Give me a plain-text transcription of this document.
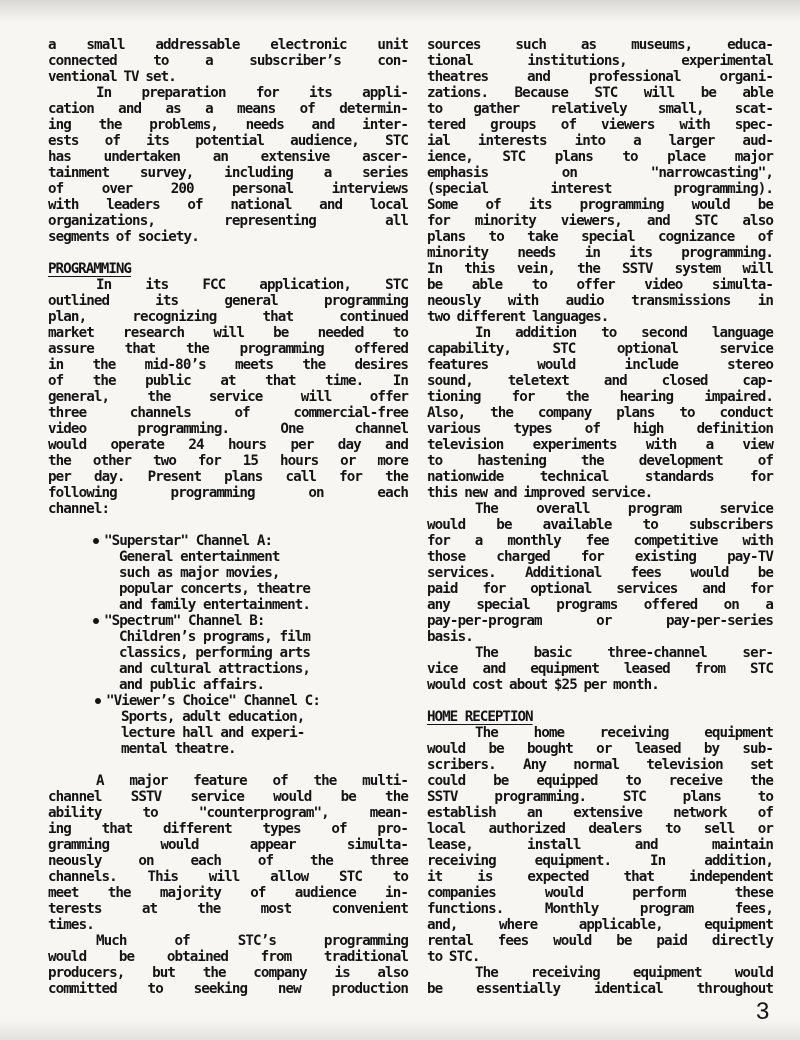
a small addressable electronic unit
connected to a subscriber’s con-
ventional TV set.
In preparation for its appli-
cation and as a means of determin-
ing the problems, needs and inter-
ests of its potential audience, STC
has undertaken an extensive ascer-
tainment survey, including a series
of over 200 personal interviews
with leaders of national and local
organizations, representing all
segments of society.
PROGRAMMING
In its FCC application, STC
outlined its general programming
plan, recognizing that continued
market research will be needed to
assure that the programming offered
in the mid-80’s meets the desires
of the public at that time. In
general, the service will offer
three channels of commercial-free
video programming. One channel
would operate 24 hours per day and
the other two for 15 hours or more
per day. Present plans call for the
following programming on each
channel:
"Superstar" Channel A:
General entertainment
such as major movies,
popular concerts, theatre
and family entertainment.
"Spectrum" Channel B:
Children’s programs, film
classics, performing arts
and cultural attractions,
and public affairs.
"Viewer’s Choice" Channel C:
Sports, adult education,
lecture hall and experi-
mental theatre.
A major feature of the multi-
channel SSTV service would be the
ability to "counterprogram", mean-
ing that different types of pro-
gramming would appear simulta-
neously on each of the three
channels. This will allow STC to
meet the majority of audience in-
terests at the most convenient
times.
Much of STC’s programming
would be obtained from traditional
producers, but the company is also
committed to seeking new production
sources such as museums, educa-
tional institutions, experimental
theatres and professional organi-
zations. Because STC will be able
to gather relatively small, scat-
tered groups of viewers with spec-
ial interests into a larger aud-
ience, STC plans to place major
emphasis on "narrowcasting",
(special interest programming).
Some of its programming would be
for minority viewers, and STC also
plans to take special cognizance of
minority needs in its programming.
In this vein, the SSTV system will
be able to offer video simulta-
neously with audio transmissions in
two different languages.
In addition to second language
capability, STC optional service
features would include stereo
sound, teletext and closed cap-
tioning for the hearing impaired.
Also, the company plans to conduct
various types of high definition
television experiments with a view
to hastening the development of
nationwide technical standards for
this new and improved service.
The overall program service
would be available to subscribers
for a monthly fee competitive with
those charged for existing pay-TV
services. Additional fees would be
paid for optional services and for
any special programs offered on a
pay-per-program or pay-per-series
basis.
The basic three-channel ser-
vice and equipment leased from STC
would cost about $25 per month.
HOME RECEPTION
The home receiving equipment
would be bought or leased by sub-
scribers. Any normal television set
could be equipped to receive the
SSTV programming. STC plans to
establish an extensive network of
local authorized dealers to sell or
lease, install and maintain
receiving equipment. In addition,
it is expected that independent
companies would perform these
functions. Monthly program fees,
and, where applicable, equipment
rental fees would be paid directly
to STC.
The receiving equipment would
be essentially identical throughout
3
